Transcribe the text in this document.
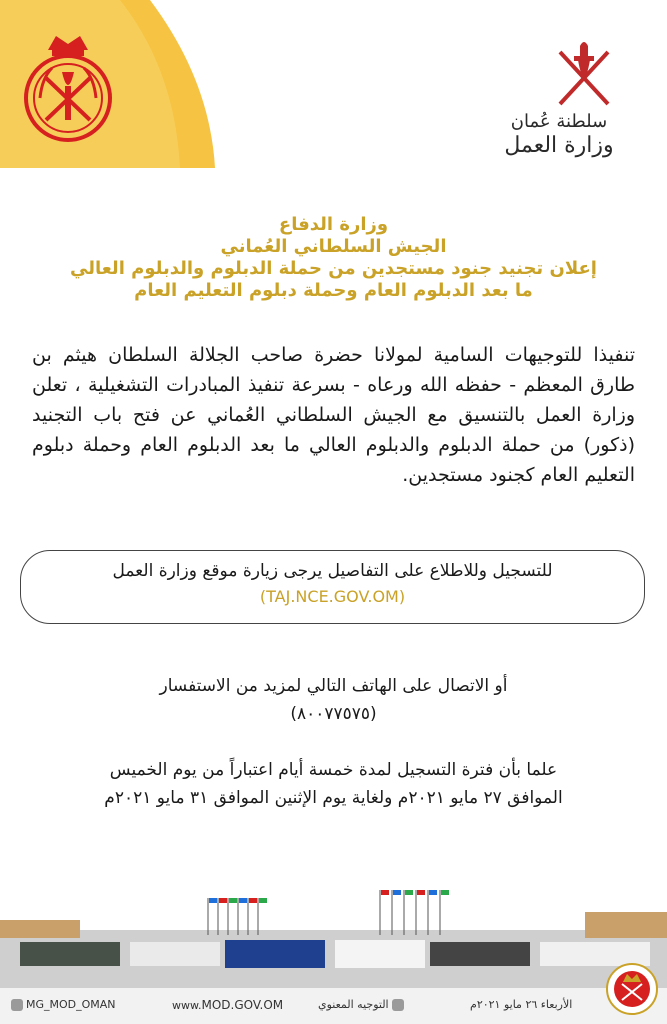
سلطنة عُمان
وزارة العمل
وزارة الدفاع
الجيش السلطاني العُماني
إعلان تجنيد جنود مستجدين من حملة الدبلوم والدبلوم العالي
ما بعد الدبلوم العام وحملة دبلوم التعليم العام
تنفيذا للتوجيهات السامية لمولانا حضرة صاحب الجلالة السلطان هيثم بن طارق المعظم - حفظه الله ورعاه - بسرعة تنفيذ المبادرات التشغيلية ، تعلن وزارة العمل بالتنسيق مع الجيش السلطاني العُماني عن فتح باب التجنيد (ذكور) من حملة الدبلوم والدبلوم العالي ما بعد الدبلوم العام وحملة دبلوم التعليم العام كجنود مستجدين.
للتسجيل وللاطلاع على التفاصيل يرجى زيارة موقع وزارة العمل
(TAJ.NCE.GOV.OM)
أو الاتصال على الهاتف التالي لمزيد من الاستفسار
(٨٠٠٧٧٥٧٥)
علما بأن فترة التسجيل لمدة خمسة أيام اعتباراً من يوم الخميس
الموافق ٢٧ مايو ٢٠٢١م ولغاية يوم الإثنين الموافق ٣١ مايو ٢٠٢١م
MG_MOD_OMAN	www.MOD.GOV.OM	التوجيه المعنوي	الأربعاء ٢٦ مايو ٢٠٢١م
